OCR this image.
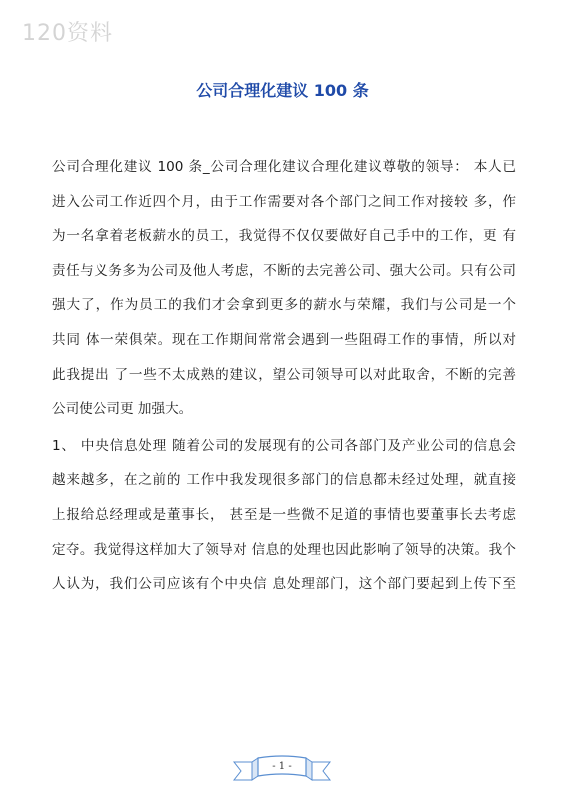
120资料
公司合理化建议 100 条
公司合理化建议 100 条_公司合理化建议合理化建议尊敬的领导： 本人已
进入公司工作近四个月，由于工作需要对各个部门之间工作对接较 多，作
为一名拿着老板薪水的员工，我觉得不仅仅要做好自己手中的工作，更 有
责任与义务多为公司及他人考虑，不断的去完善公司、强大公司。只有公司
强大了，作为员工的我们才会拿到更多的薪水与荣耀，我们与公司是一个
共同 体一荣俱荣。现在工作期间常常会遇到一些阻碍工作的事情，所以对
此我提出 了一些不太成熟的建议，望公司领导可以对此取舍，不断的完善
公司使公司更 加强大。
1、 中央信息处理 随着公司的发展现有的公司各部门及产业公司的信息会
越来越多，在之前的 工作中我发现很多部门的信息都未经过处理，就直接
上报给总经理或是董事长， 甚至是一些微不足道的事情也要董事长去考虑
定夺。我觉得这样加大了领导对 信息的处理也因此影响了领导的决策。我个
人认为，我们公司应该有个中央信 息处理部门，这个部门要起到上传下至
- 1 -
